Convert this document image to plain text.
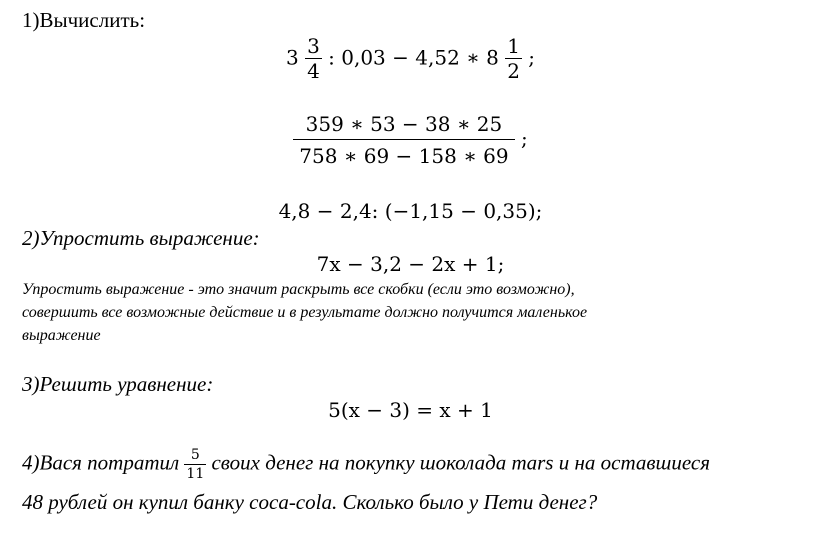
1)Вычислить:
$3 \frac{3}{4}$ : 0,03 − 4,52 ∗ $8 \frac{1}{2}$ ;
$\frac{359 ∗ 53 - 38 ∗ 25}{758 ∗ 69 - 158 ∗ 69}$ ;
4,8 − 2,4: (−1,15 − 0,35);
2)Упростить выражение:
7x − 3,2 − 2x + 1;
Упростить выражение - это значит раскрыть все скобки (если это возможно),
совершить все возможные действие и в результате должно получится маленькое
выражение
3)Решить уравнение:
5(x − 3) = x + 1
4)Вася потратил $\frac{5}{11}$ своих денег на покупку шоколада mars и на оставшиеся
48 рублей он купил банку coca-cola. Сколько было у Пети денег?
